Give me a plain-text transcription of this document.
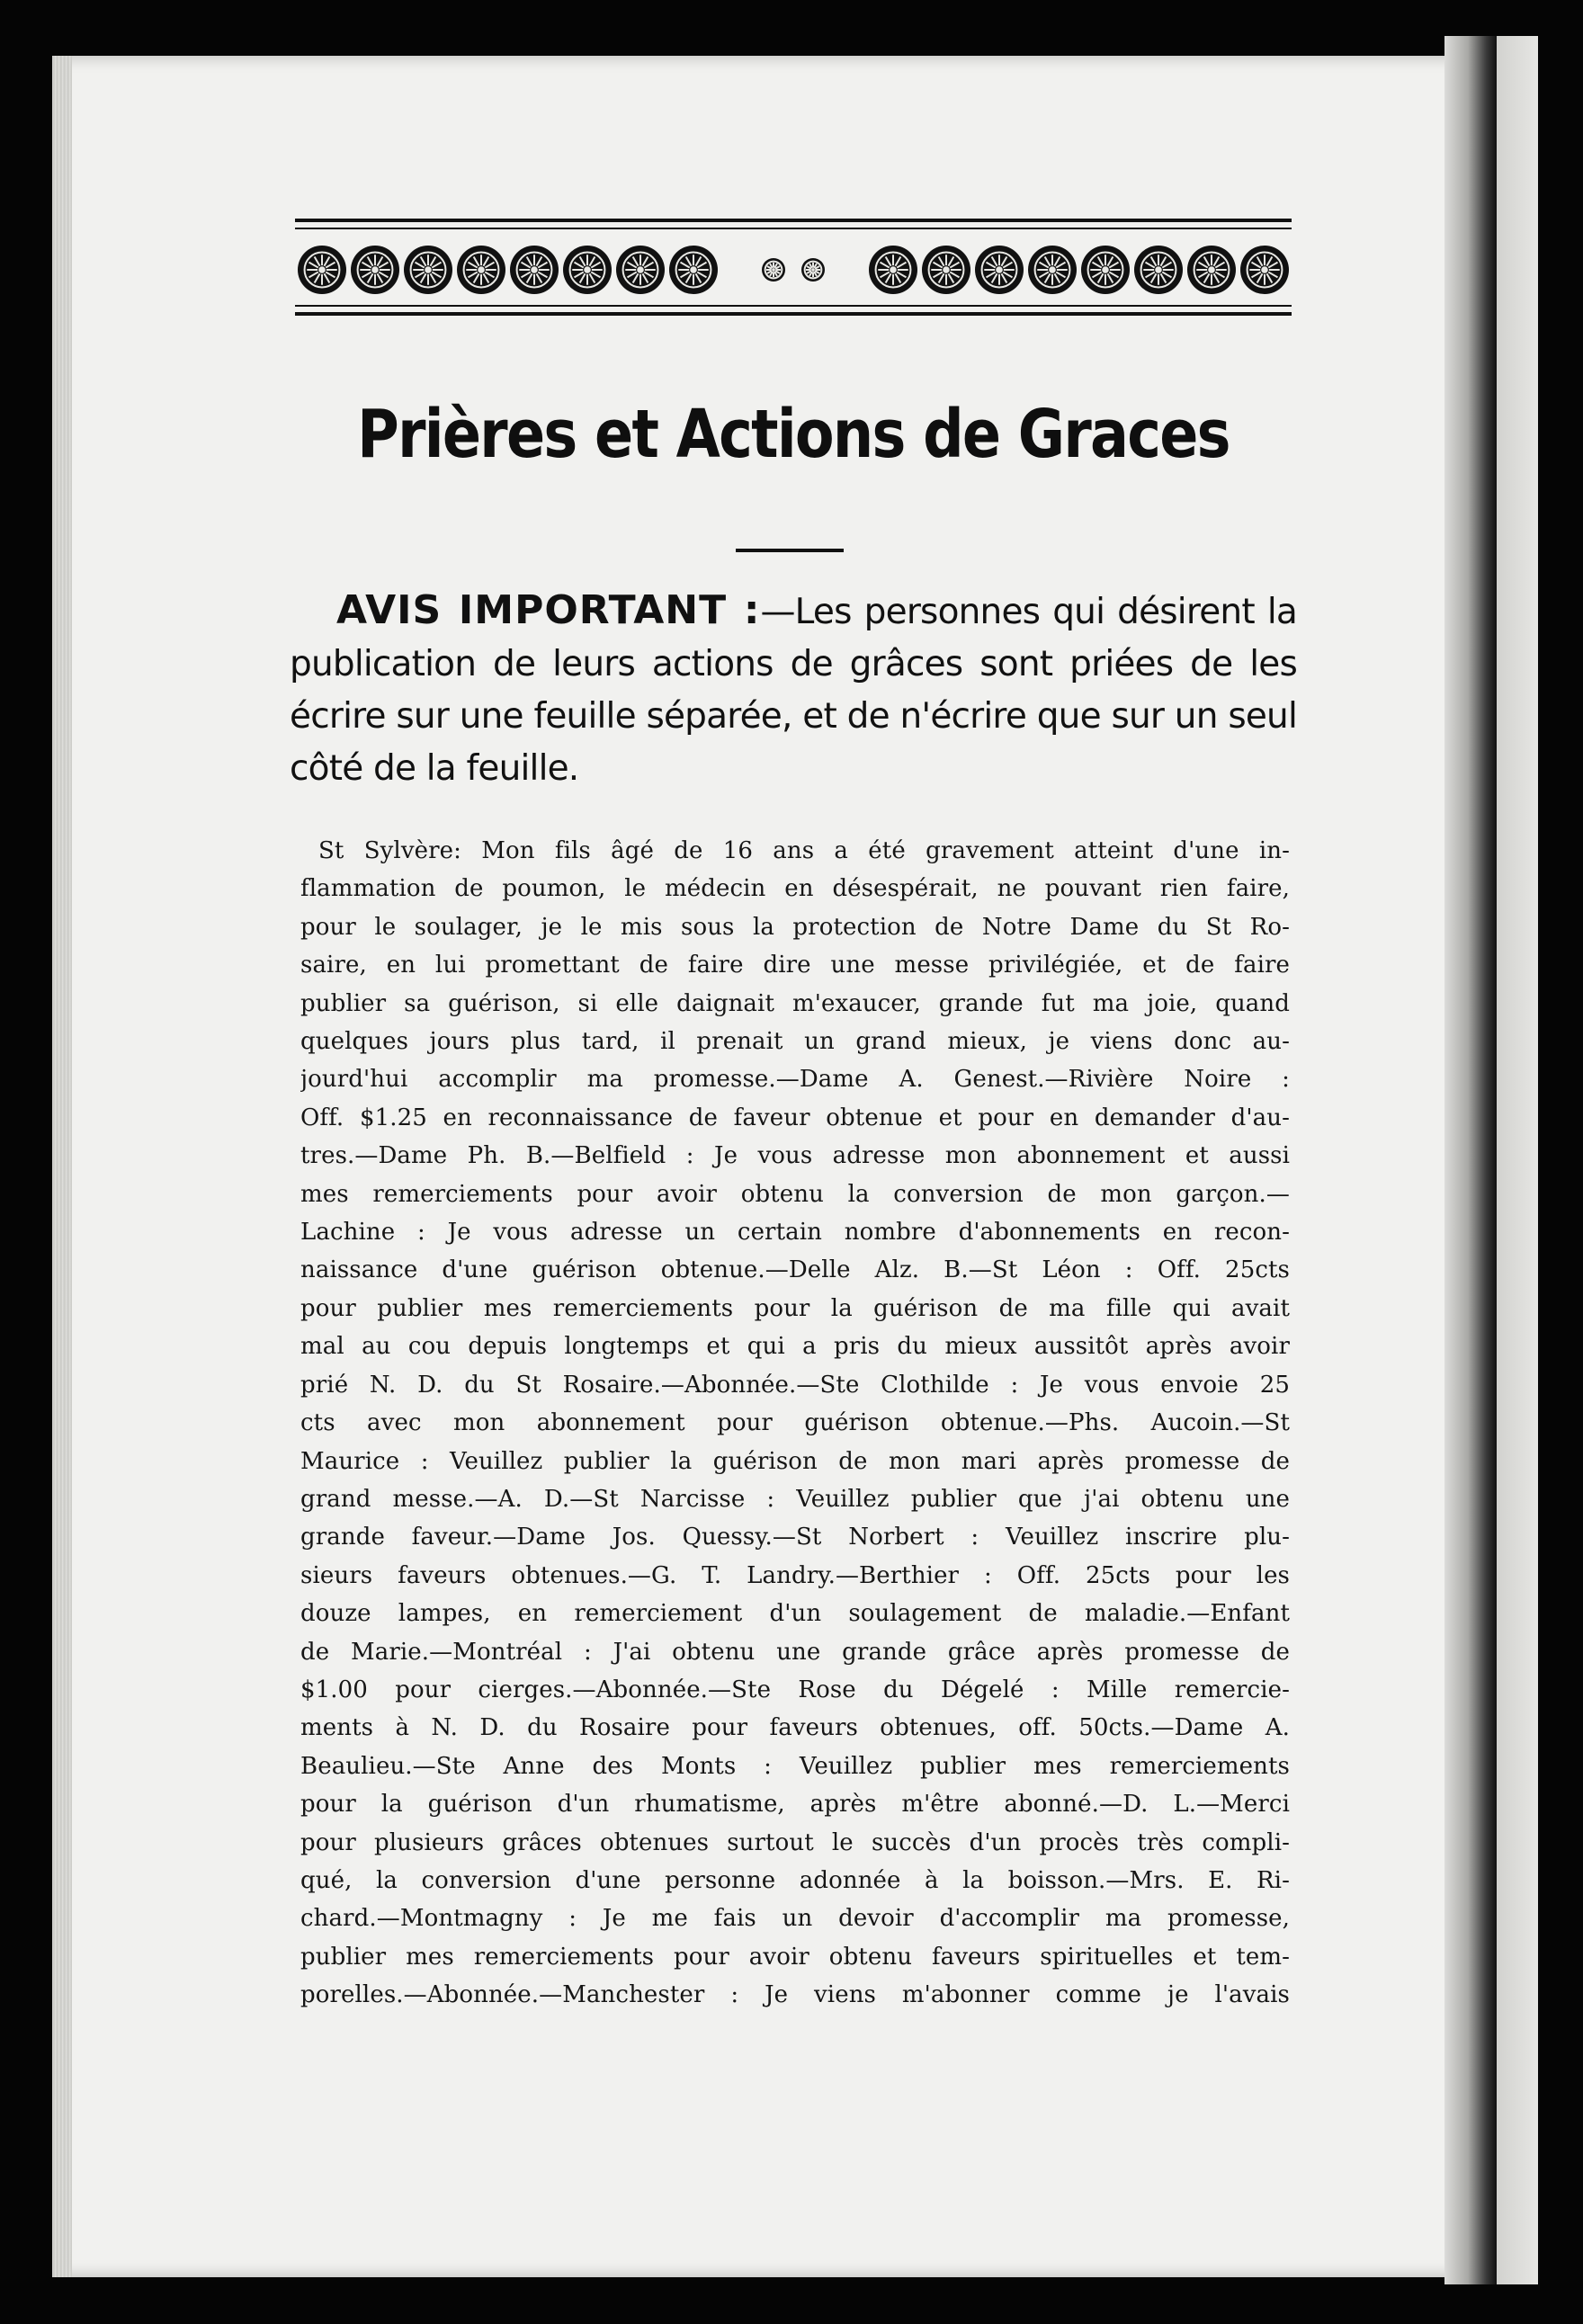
Prières et Actions de Graces
AVIS IMPORTANT :—Les personnes qui désirent la publication de leurs actions de grâces sont priées de les écrire sur une feuille séparée, et de n'écrire que sur un seul côté de la feuille.
St Sylvère: Mon fils âgé de 16 ans a été gravement atteint d'une in-
flammation de poumon, le médecin en désespérait, ne pouvant rien faire,
pour le soulager, je le mis sous la protection de Notre Dame du St Ro-
saire, en lui promettant de faire dire une messe privilégiée, et de faire
publier sa guérison, si elle daignait m'exaucer, grande fut ma joie, quand
quelques jours plus tard, il prenait un grand mieux, je viens donc au-
jourd'hui accomplir ma promesse.—Dame A. Genest.—Rivière Noire :
Off. $1.25 en reconnaissance de faveur obtenue et pour en demander d'au-
tres.—Dame Ph. B.—Belfield : Je vous adresse mon abonnement et aussi
mes remerciements pour avoir obtenu la conversion de mon garçon.—
Lachine : Je vous adresse un certain nombre d'abonnements en recon-
naissance d'une guérison obtenue.—Delle Alz. B.—St Léon : Off. 25cts
pour publier mes remerciements pour la guérison de ma fille qui avait
mal au cou depuis longtemps et qui a pris du mieux aussitôt après avoir
prié N. D. du St Rosaire.—Abonnée.—Ste Clothilde : Je vous envoie 25
cts avec mon abonnement pour guérison obtenue.—Phs. Aucoin.—St
Maurice : Veuillez publier la guérison de mon mari après promesse de
grand messe.—A. D.—St Narcisse : Veuillez publier que j'ai obtenu une
grande faveur.—Dame Jos. Quessy.—St Norbert : Veuillez inscrire plu-
sieurs faveurs obtenues.—G. T. Landry.—Berthier : Off. 25cts pour les
douze lampes, en remerciement d'un soulagement de maladie.—Enfant
de Marie.—Montréal : J'ai obtenu une grande grâce après promesse de
$1.00 pour cierges.—Abonnée.—Ste Rose du Dégelé : Mille remercie-
ments à N. D. du Rosaire pour faveurs obtenues, off. 50cts.—Dame A.
Beaulieu.—Ste Anne des Monts : Veuillez publier mes remerciements
pour la guérison d'un rhumatisme, après m'être abonné.—D. L.—Merci
pour plusieurs grâces obtenues surtout le succès d'un procès très compli-
qué, la conversion d'une personne adonnée à la boisson.—Mrs. E. Ri-
chard.—Montmagny : Je me fais un devoir d'accomplir ma promesse,
publier mes remerciements pour avoir obtenu faveurs spirituelles et tem-
porelles.—Abonnée.—Manchester : Je viens m'abonner comme je l'avais
